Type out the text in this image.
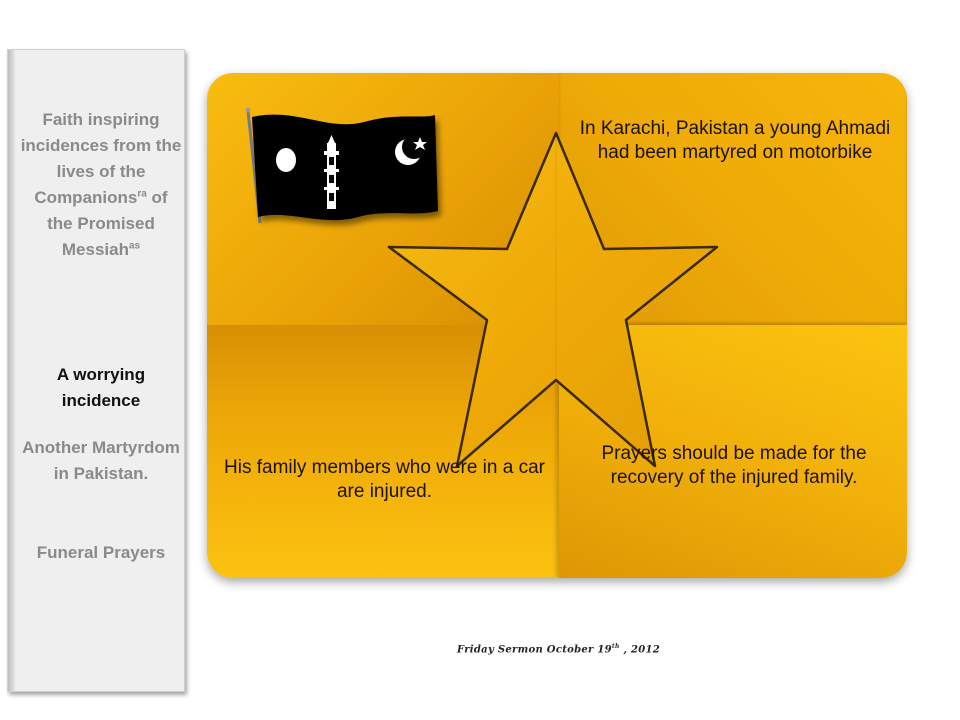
Faith inspiring incidences from the lives of the Companions$^{ra}$ of the Promised Messiah$^{as}$
A worrying incidence
Another Martyrdom in Pakistan.
Funeral Prayers
In Karachi, Pakistan a young Ahmadi had been martyred on motorbike
His family members who were in a car are injured.
Prayers should be made for the recovery of the injured family.
Friday Sermon October 19th , 2012
